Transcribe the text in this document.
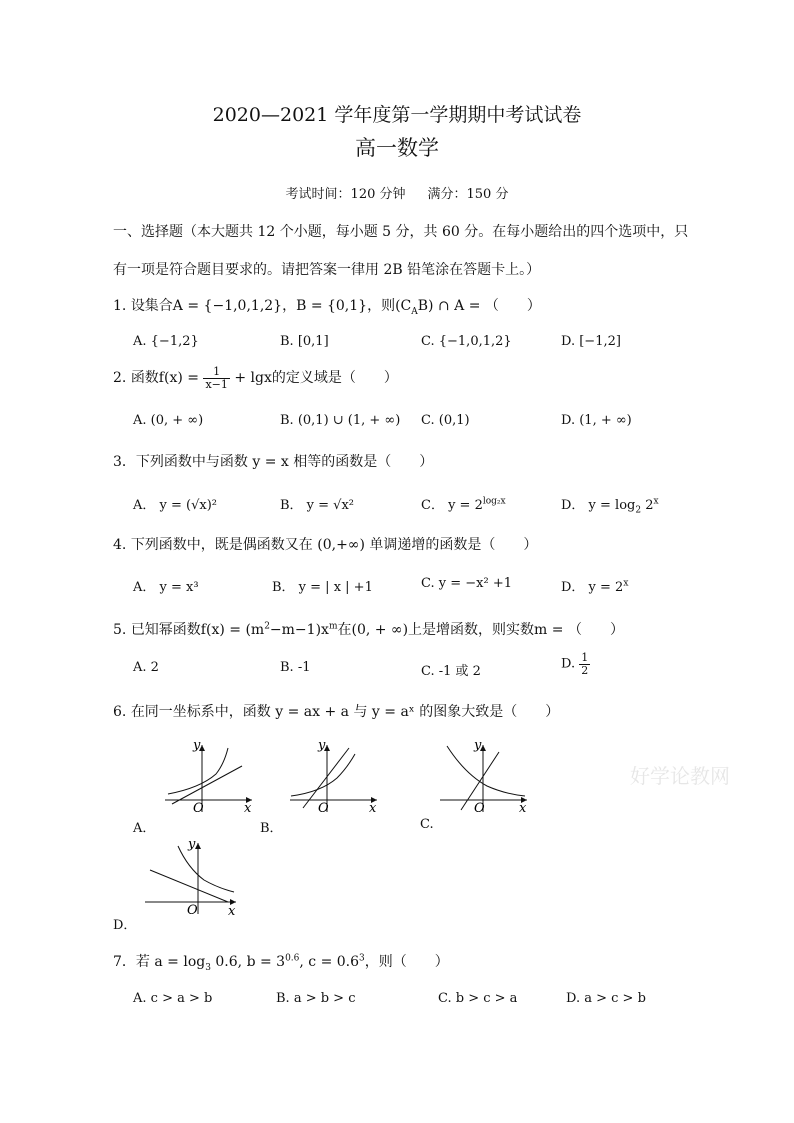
2020—2021 学年度第一学期期中考试试卷
高一数学
考试时间：120 分钟 满分：150 分
一、选择题（本大题共 12 个小题，每小题 5 分，共 60 分。在每小题给出的四个选项中，只
有一项是符合题目要求的。请把答案一律用 2B 铅笔涂在答题卡上。）
1. 设集合A = {−1,0,1,2}，B = {0,1}，则$(C_AB)$ ∩ A = （　　）
A. {−1,2}	B. [0,1]	C. {−1,0,1,2}	D. [−1,2]
2. 函数$f(x) = \frac{1}{x-1} + \lg x$的定义域是（　　）
A. (0, + ∞)	B. (0,1) ∪ (1, + ∞) C. (0,1)	D. (1, + ∞)
3．下列函数中与函数 y = x 相等的函数是（　　）
A． y = (√x)²	B． y = √x²	C． $y = 2^{log_2x}$	D． $y = \log_2 2^x$
4. 下列函数中，既是偶函数又在 (0,+∞) 单调递增的函数是（　　）
A． y = x³	B． y = | x | +1	C. y = −x² +1	D． $y = 2^x$
5. 已知幂函数$f(x) = (m^2-m-1)x^m$在(0, + ∞)上是增函数，则实数m = （　　）
A. 2	B. -1	C. -1 或 2	D. $\frac{1}{2}$
6. 在同一坐标系中，函数 y = ax + a 与 y = aˣ 的图象大致是（　　）
y
x
O
A．
y
x
O
B．
y
x
O
C.
好学论教网
y
x
O
D．
7．若 $a = \log_3 0.6$, $b = 3^{0.6}$, $c = 0.6^3$，则（　　）
A. c > a > b	B. a > b > c	C. b > c > a	D. a > c > b
